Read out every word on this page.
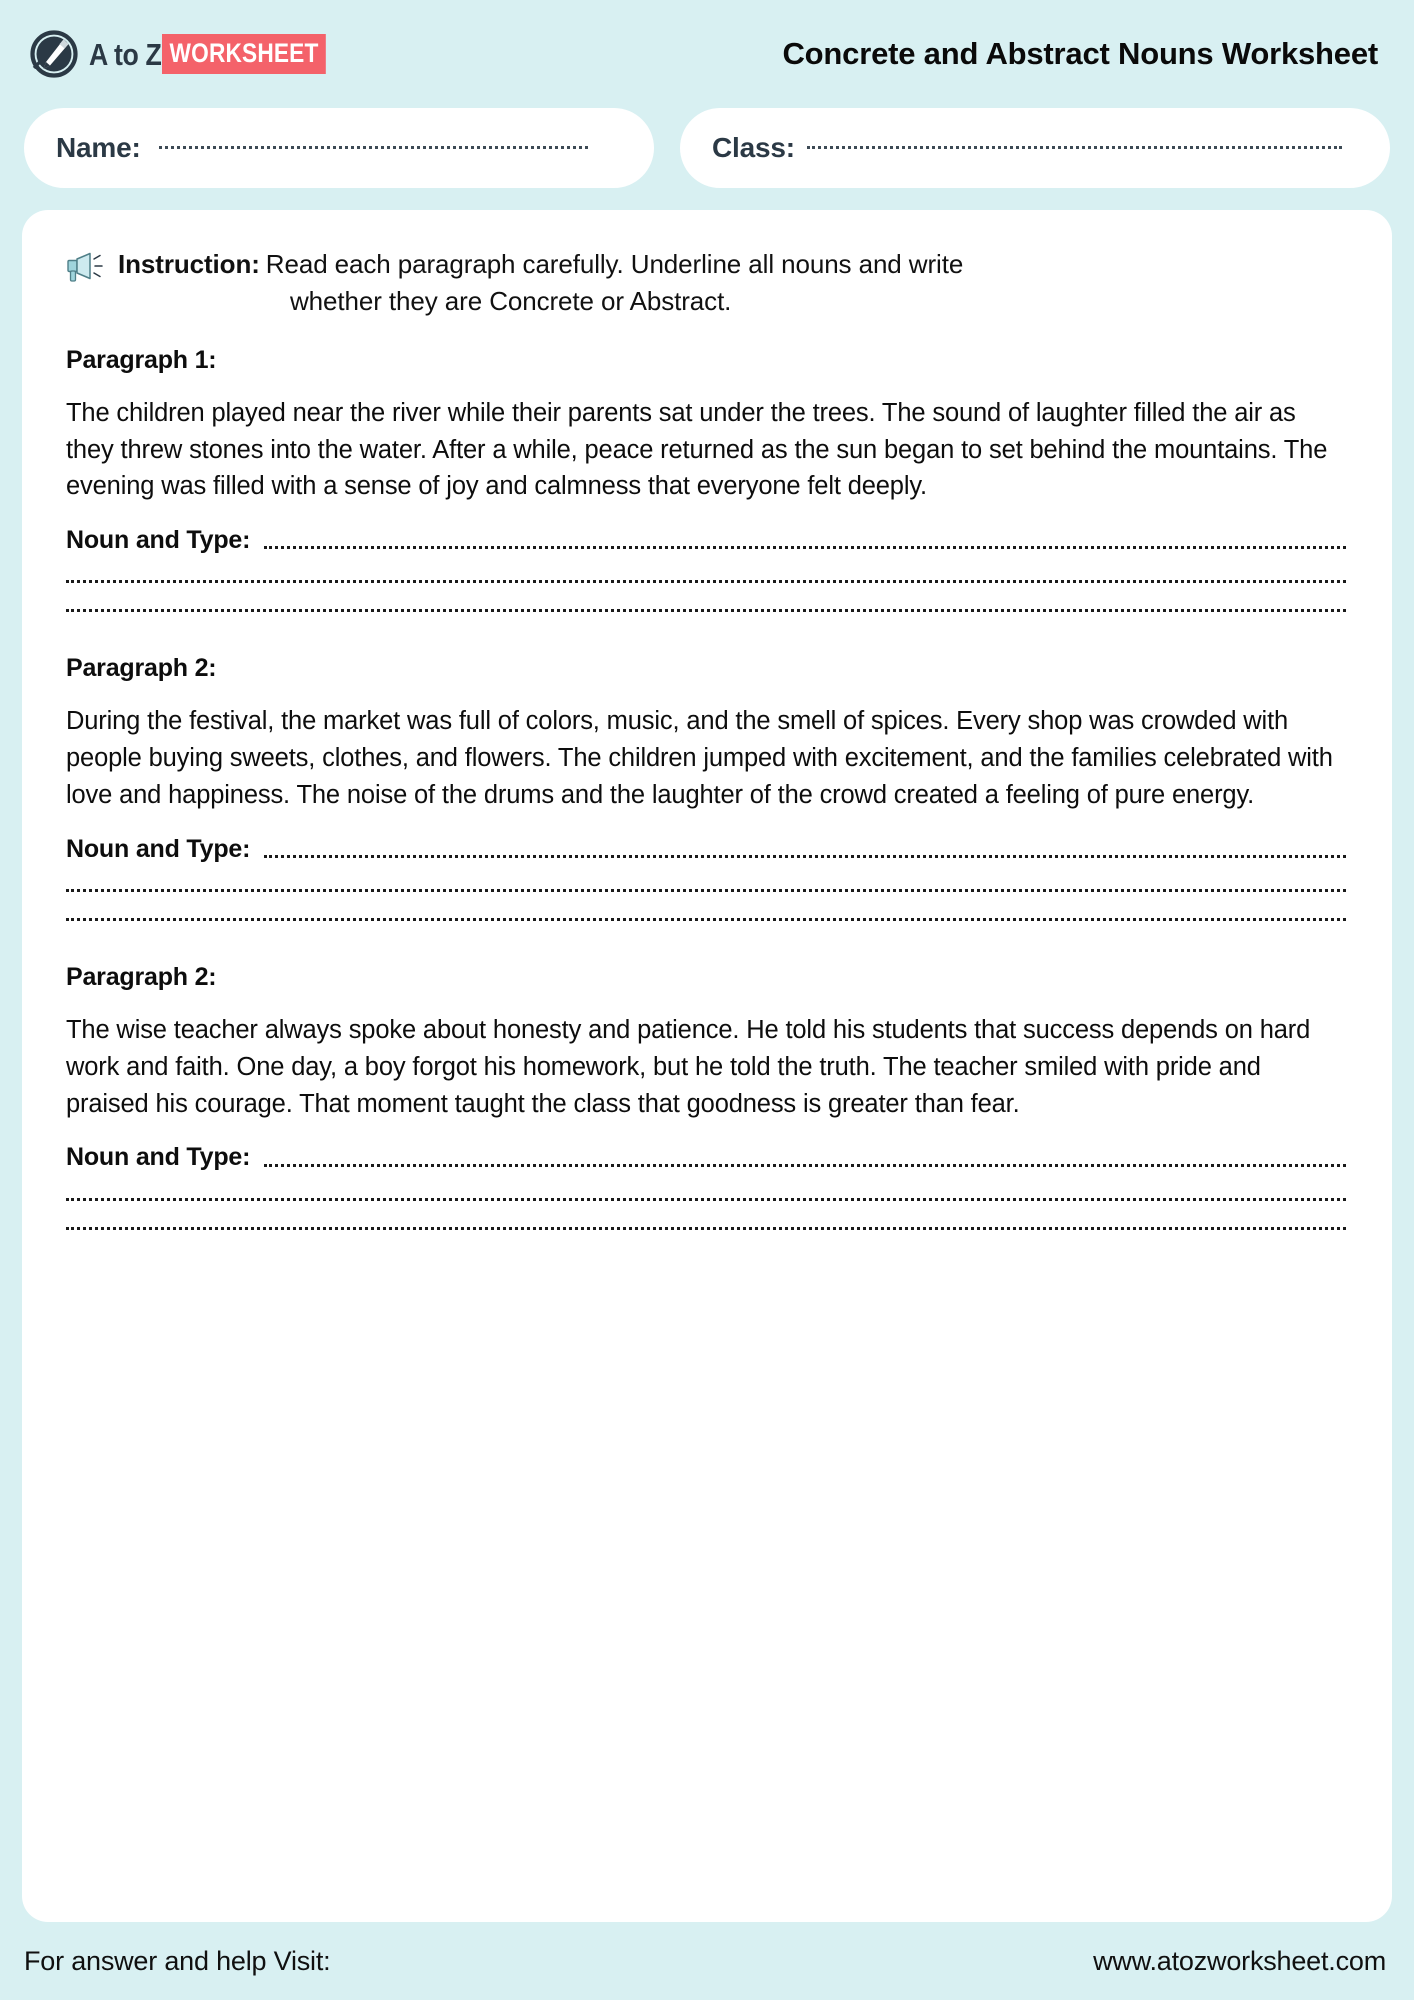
A to Z WORKSHEET	Concrete and Abstract Nouns Worksheet
Name:	Class:
Instruction: Read each paragraph carefully. Underline all nouns and write
whether they are Concrete or Abstract.
Paragraph 1:
The children played near the river while their parents sat under the trees. The sound of laughter filled the air as they threw stones into the water. After a while, peace returned as the sun began to set behind the mountains. The evening was filled with a sense of joy and calmness that everyone felt deeply.
Noun and Type:
Paragraph 2:
During the festival, the market was full of colors, music, and the smell of spices. Every shop was crowded with people buying sweets, clothes, and flowers. The children jumped with excitement, and the families celebrated with love and happiness. The noise of the drums and the laughter of the crowd created a feeling of pure energy.
Noun and Type:
Paragraph 2:
The wise teacher always spoke about honesty and patience. He told his students that success depends on hard work and faith. One day, a boy forgot his homework, but he told the truth. The teacher smiled with pride and praised his courage. That moment taught the class that goodness is greater than fear.
Noun and Type:
For answer and help Visit:	www.atozworksheet.com
